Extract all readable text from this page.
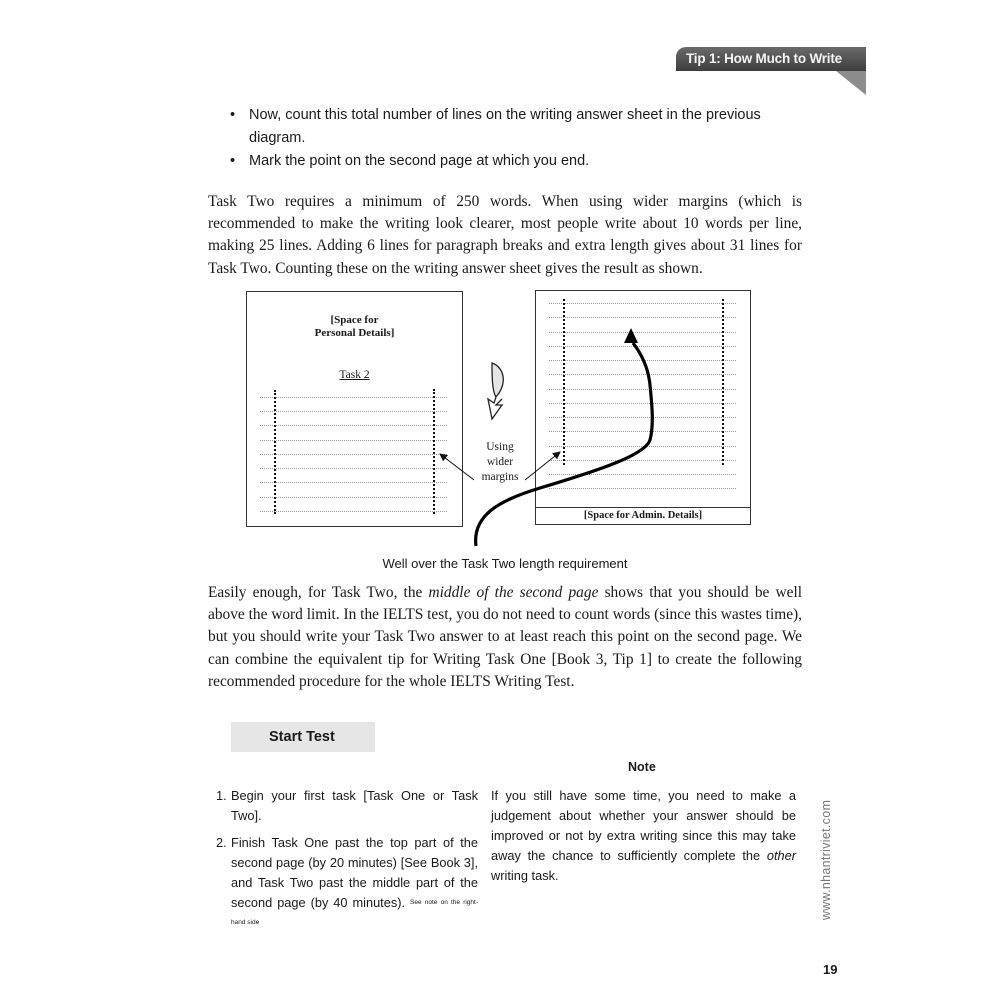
Tip 1: How Much to Write
• Now, count this total number of lines on the writing answer sheet in the previous diagram.
• Mark the point on the second page at which you end.

Task Two requires a minimum of 250 words. When using wider margins (which is recommended to make the writing look clearer, most people write about 10 words per line, making 25 lines. Adding 6 lines for paragraph breaks and extra length gives about 31 lines for Task Two. Counting these on the writing answer sheet gives the result as shown.

[Space for
Personal Details]
Task 2
Using
wider
margins
[Space for Admin. Details]
Well over the Task Two length requirement

Easily enough, for Task Two, the middle of the second page shows that you should be well above the word limit. In the IELTS test, you do not need to count words (since this wastes time), but you should write your Task Two answer to at least reach this point on the second page. We can combine the equivalent tip for Writing Task One [Book 3, Tip 1] to create the following recommended procedure for the whole IELTS Writing Test.

Start Test
Note
1. Begin your first task [Task One or Task Two].
2. Finish Task One past the top part of the second page (by 20 minutes) [See Book 3], and Task Two past the middle part of the second page (by 40 minutes). $^{See note on the right-hand side}$

If you still have some time, you need to make a judgement about whether your answer should be improved or not by extra writing since this may take away the chance to sufficiently complete the other writing task.	www.nhantriviet.com
19
